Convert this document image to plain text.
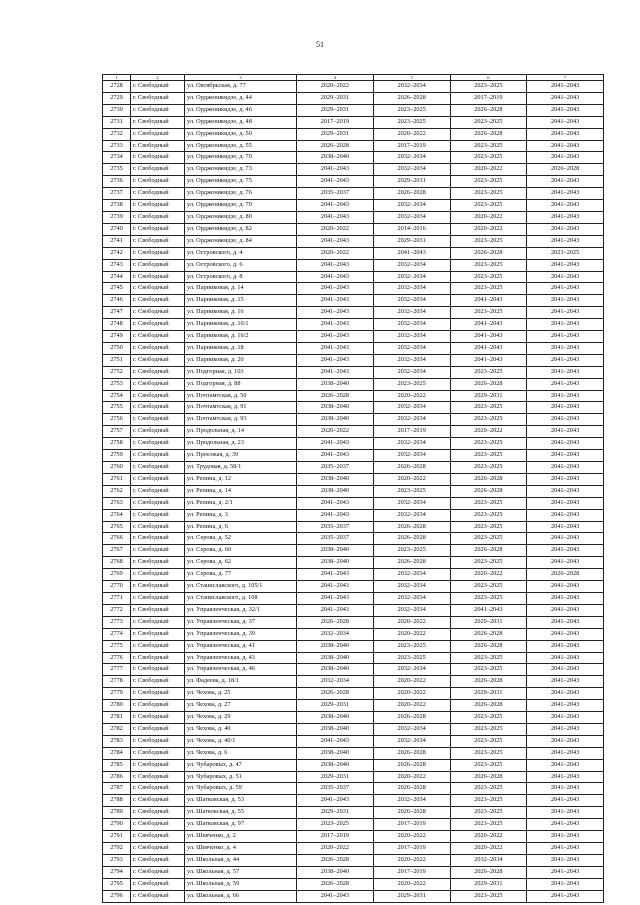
51
1	2	3	4	5	6	7
2728	г. Свободный	ул. Октябрьская, д. 77	2020–2022	2032–2034	2023–2025	2041–2043
2729	г. Свободный	ул. Орджоникидзе, д. 44	2029–2031	2026–2028	2017–2019	2041–2043
2730	г. Свободный	ул. Орджоникидзе, д. 46	2029–2031	2023–2025	2026–2028	2041–2043
2731	г. Свободный	ул. Орджоникидзе, д. 48	2017–2019	2023–2025	2023–2025	2041–2043
2732	г. Свободный	ул. Орджоникидзе, д. 50	2029–2031	2020–2022	2026–2028	2041–2043
2733	г. Свободный	ул. Орджоникидзе, д. 55	2026–2028	2017–2019	2023–2025	2041–2043
2734	г. Свободный	ул. Орджоникидзе, д. 70	2038–2040	2032–2034	2023–2025	2041–2043
2735	г. Свободный	ул. Орджоникидзе, д. 73	2041–2043	2032–2034	2020–2022	2026–2028
2736	г. Свободный	ул. Орджоникидзе, д. 75	2041–2043	2029–2031	2023–2025	2041–2043
2737	г. Свободный	ул. Орджоникидзе, д. 76	2035–2037	2026–2028	2023–2025	2041–2043
2738	г. Свободный	ул. Орджоникидзе, д. 79	2041–2043	2032–2034	2023–2025	2041–2043
2739	г. Свободный	ул. Орджоникидзе, д. 80	2041–2043	2032–2034	2020–2022	2041–2043
2740	г. Свободный	ул. Орджоникидзе, д. 82	2020–2022	2014–2016	2020–2022	2041–2043
2741	г. Свободный	ул. Орджоникидзе, д. 84	2041–2043	2029–2031	2023–2025	2041–2043
2742	г. Свободный	ул. Островского, д. 4	2020–2022	2041–2043	2026–2028	2023–2025
2743	г. Свободный	ул. Островского, д. 6	2041–2043	2032–2034	2023–2025	2041–2043
2744	г. Свободный	ул. Островского, д. 8	2041–2043	2032–2034	2023–2025	2041–2043
2745	г. Свободный	ул. Парниковая, д. 14	2041–2043	2032–2034	2023–2025	2041–2043
2746	г. Свободный	ул. Парниковая, д. 15	2041–2043	2032–2034	2041–2043	2041–2043
2747	г. Свободный	ул. Парниковая, д. 16	2041–2043	2032–2034	2023–2025	2041–2043
2748	г. Свободный	ул. Парниковая, д. 16/1	2041–2043	2032–2034	2041–2043	2041–2043
2749	г. Свободный	ул. Парниковая, д. 16/2	2041–2043	2032–2034	2041–2043	2041–2043
2750	г. Свободный	ул. Парниковая, д. 18	2041–2043	2032–2034	2041–2043	2041–2043
2751	г. Свободный	ул. Парниковая, д. 20	2041–2043	2032–2034	2041–2043	2041–2043
2752	г. Свободный	ул. Подгорная, д. 103	2041–2043	2032–2034	2023–2025	2041–2043
2753	г. Свободный	ул. Подгорная, д. 88	2038–2040	2023–2025	2026–2028	2041–2043
2754	г. Свободный	ул. Почтамтская, д. 50	2026–2028	2020–2022	2029–2031	2041–2043
2755	г. Свободный	ул. Почтамтская, д. 91	2038–2040	2032–2034	2023–2025	2041–2043
2756	г. Свободный	ул. Почтамтская, д. 93	2038–2040	2032–2034	2023–2025	2041–2043
2757	г. Свободный	ул. Продольная, д. 14	2020–2022	2017–2019	2020–2022	2041–2043
2758	г. Свободный	ул. Продольная, д. 23	2041–2043	2032–2034	2023–2025	2041–2043
2759	г. Свободный	ул. Проезжая, д. 39	2041–2043	2032–2034	2023–2025	2041–2043
2760	г. Свободный	ул. Трудовая, д. 58/1	2035–2037	2026–2028	2023–2025	2041–2043
2761	г. Свободный	ул. Репина, д. 12	2038–2040	2020–2022	2026–2028	2041–2043
2762	г. Свободный	ул. Репина, д. 14	2038–2040	2023–2025	2026–2028	2041–2043
2763	г. Свободный	ул. Репина, д. 2/1	2041–2043	2032–2034	2023–2025	2041–2043
2764	г. Свободный	ул. Репина, д. 3	2041–2043	2032–2034	2023–2025	2041–2043
2765	г. Свободный	ул. Репина, д. 6	2035–2037	2026–2028	2023–2025	2041–2043
2766	г. Свободный	ул. Серова, д. 52	2035–2037	2026–2028	2023–2025	2041–2043
2767	г. Свободный	ул. Серова, д. 60	2038–2040	2023–2025	2026–2028	2041–2043
2768	г. Свободный	ул. Серова, д. 62	2038–2040	2026–2028	2023–2025	2041–2043
2769	г. Свободный	ул. Серова, д. 77	2041–2043	2032–2034	2020–2022	2026–2028
2770	г. Свободный	ул. Станиславского, д. 105/1	2041–2043	2032–2034	2023–2025	2041–2043
2771	г. Свободный	ул. Станиславского, д. 108	2041–2043	2032–2034	2023–2025	2041–2043
2772	г. Свободный	ул. Управленческая, д. 32/1	2041–2043	2032–2034	2041–2043	2041–2043
2773	г. Свободный	ул. Управленческая, д. 37	2026–2028	2020–2022	2029–2031	2041–2043
2774	г. Свободный	ул. Управленческая, д. 39	2032–2034	2020–2022	2026–2028	2041–2043
2775	г. Свободный	ул. Управленческая, д. 41	2038–2040	2023–2025	2026–2028	2041–2043
2776	г. Свободный	ул. Управленческая, д. 43	2038–2040	2023–2025	2023–2025	2041–2043
2777	г. Свободный	ул. Управленческая, д. 46	2038–2040	2032–2034	2023–2025	2041–2043
2778	г. Свободный	ул. Фадеева, д. 18/1	2032–2034	2020–2022	2026–2028	2041–2043
2779	г. Свободный	ул. Чехова, д. 25	2026–2028	2020–2022	2029–2031	2041–2043
2780	г. Свободный	ул. Чехова, д. 27	2029–2031	2020–2022	2026–2028	2041–2043
2781	г. Свободный	ул. Чехова, д. 29	2038–2040	2026–2028	2023–2025	2041–2043
2782	г. Свободный	ул. Чехова, д. 40	2038–2040	2032–2034	2023–2025	2041–2043
2783	г. Свободный	ул. Чехова, д. 40/1	2041–2043	2032–2034	2023–2025	2041–2043
2784	г. Свободный	ул. Чехова, д. 6	2038–2040	2026–2028	2023–2025	2041–2043
2785	г. Свободный	ул. Чубаровых, д. 47	2038–2040	2026–2028	2023–2025	2041–2043
2786	г. Свободный	ул. Чубаровых, д. 51	2029–2031	2020–2022	2026–2028	2041–2043
2787	г. Свободный	ул. Чубаровых, д. 59	2035–2037	2026–2028	2023–2025	2041–2043
2788	г. Свободный	ул. Шатковская, д. 53	2041–2043	2032–2034	2023–2025	2041–2043
2789	г. Свободный	ул. Шатковская, д. 55	2029–2031	2026–2028	2023–2025	2041–2043
2790	г. Свободный	ул. Шатковская, д. 97	2023–2025	2017–2019	2023–2025	2041–2043
2791	г. Свободный	ул. Шевченко, д. 2	2017–2019	2020–2022	2020–2022	2041–2043
2792	г. Свободный	ул. Шевченко, д. 4	2020–2022	2017–2019	2020–2022	2041–2043
2793	г. Свободный	ул. Школьная, д. 44	2026–2028	2020–2022	2032–2034	2041–2043
2794	г. Свободный	ул. Школьная, д. 57	2038–2040	2017–2019	2026–2028	2041–2043
2795	г. Свободный	ул. Школьная, д. 59	2026–2028	2020–2022	2029–2031	2041–2043
2796	г. Свободный	ул. Школьная, д. 66	2041–2043	2029–2031	2023–2025	2041–2043
